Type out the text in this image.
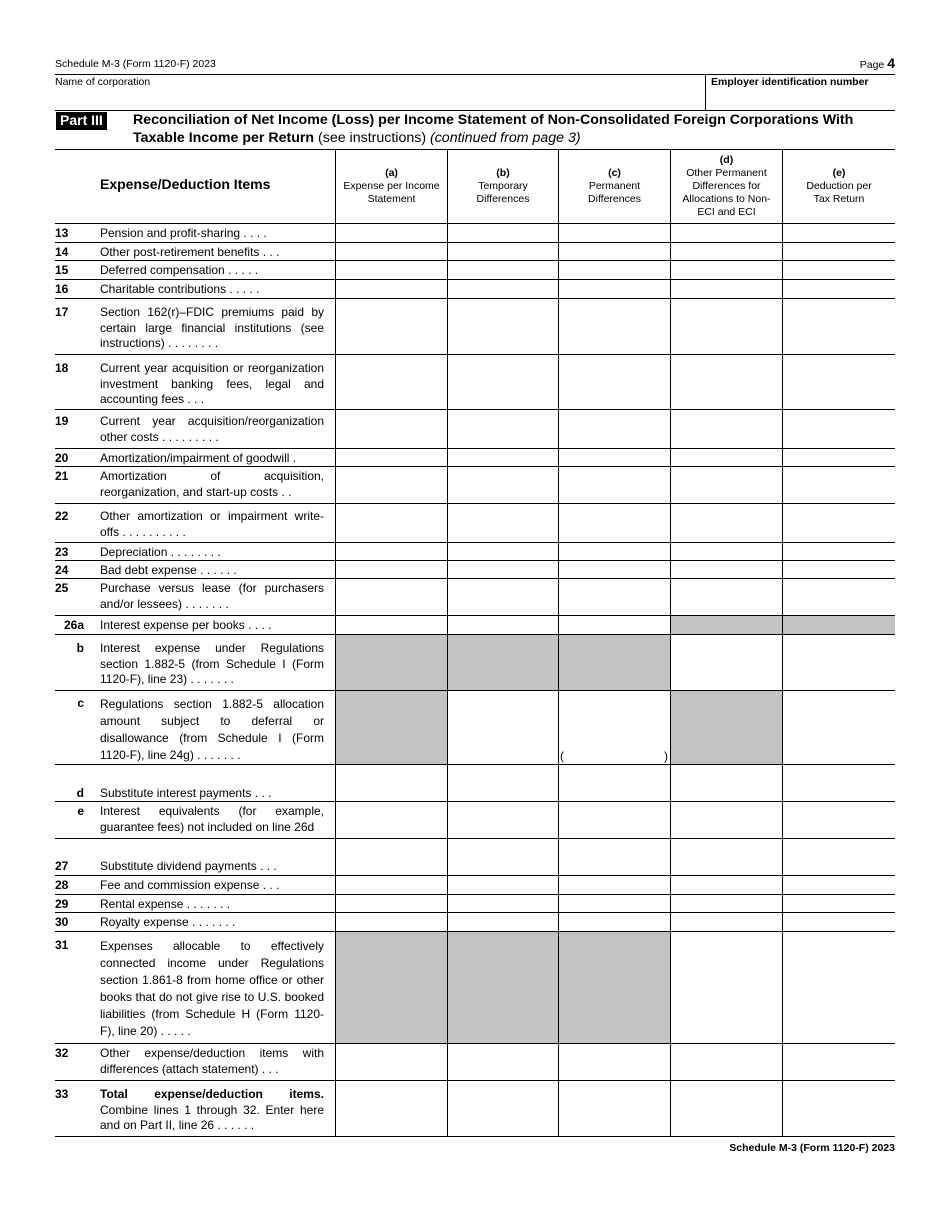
Schedule M-3 (Form 1120-F) 2023	Page 4
Name of corporation	Employer identification number
Part III Reconciliation of Net Income (Loss) per Income Statement of Non-Consolidated Foreign Corporations With Taxable Income per Return (see instructions) (continued from page 3)
Expense/Deduction Items
(a)
Expense per Income Statement
(b)
Temporary Differences
(c)
Permanent Differences
(d)
Other Permanent Differences for Allocations to Non-ECI and ECI
(e)
Deduction per Tax Return
13	Pension and profit-sharing . . . .
14	Other post-retirement benefits . . .
15	Deferred compensation . . . . .
16	Charitable contributions . . . . .
17	Section 162(r)–FDIC premiums paid by certain large financial institutions (see instructions) . . . . . . . .
18	Current year acquisition or reorganization investment banking fees, legal and accounting fees . . .
19	Current year acquisition/reorganization other costs . . . . . . . . .
20	Amortization/impairment of goodwill .
21	Amortization of acquisition, reorganization, and start-up costs . .
22	Other amortization or impairment write-offs . . . . . . . . . .
23	Depreciation . . . . . . . .
24	Bad debt expense . . . . . .
25	Purchase versus lease (for purchasers and/or lessees) . . . . . . .
26a Interest expense per books . . . .
b Interest expense under Regulations section 1.882-5 (from Schedule I (Form 1120-F), line 23) . . . . . . .
c Regulations section 1.882-5 allocation amount subject to deferral or disallowance (from Schedule I (Form 1120-F), line 24g) . . . . . . .	(	)
d Substitute interest payments . . .
e Interest equivalents (for example, guarantee fees) not included on line 26d
27	Substitute dividend payments . . .
28	Fee and commission expense . . .
29	Rental expense . . . . . . .
30	Royalty expense . . . . . . .
31	Expenses allocable to effectively connected income under Regulations section 1.861-8 from home office or other books that do not give rise to U.S. booked liabilities (from Schedule H (Form 1120-F), line 20) . . . . .
32	Other expense/deduction items with differences (attach statement) . . .
33	Total expense/deduction items. Combine lines 1 through 32. Enter here and on Part II, line 26 . . . . . .
Schedule M-3 (Form 1120-F) 2023
